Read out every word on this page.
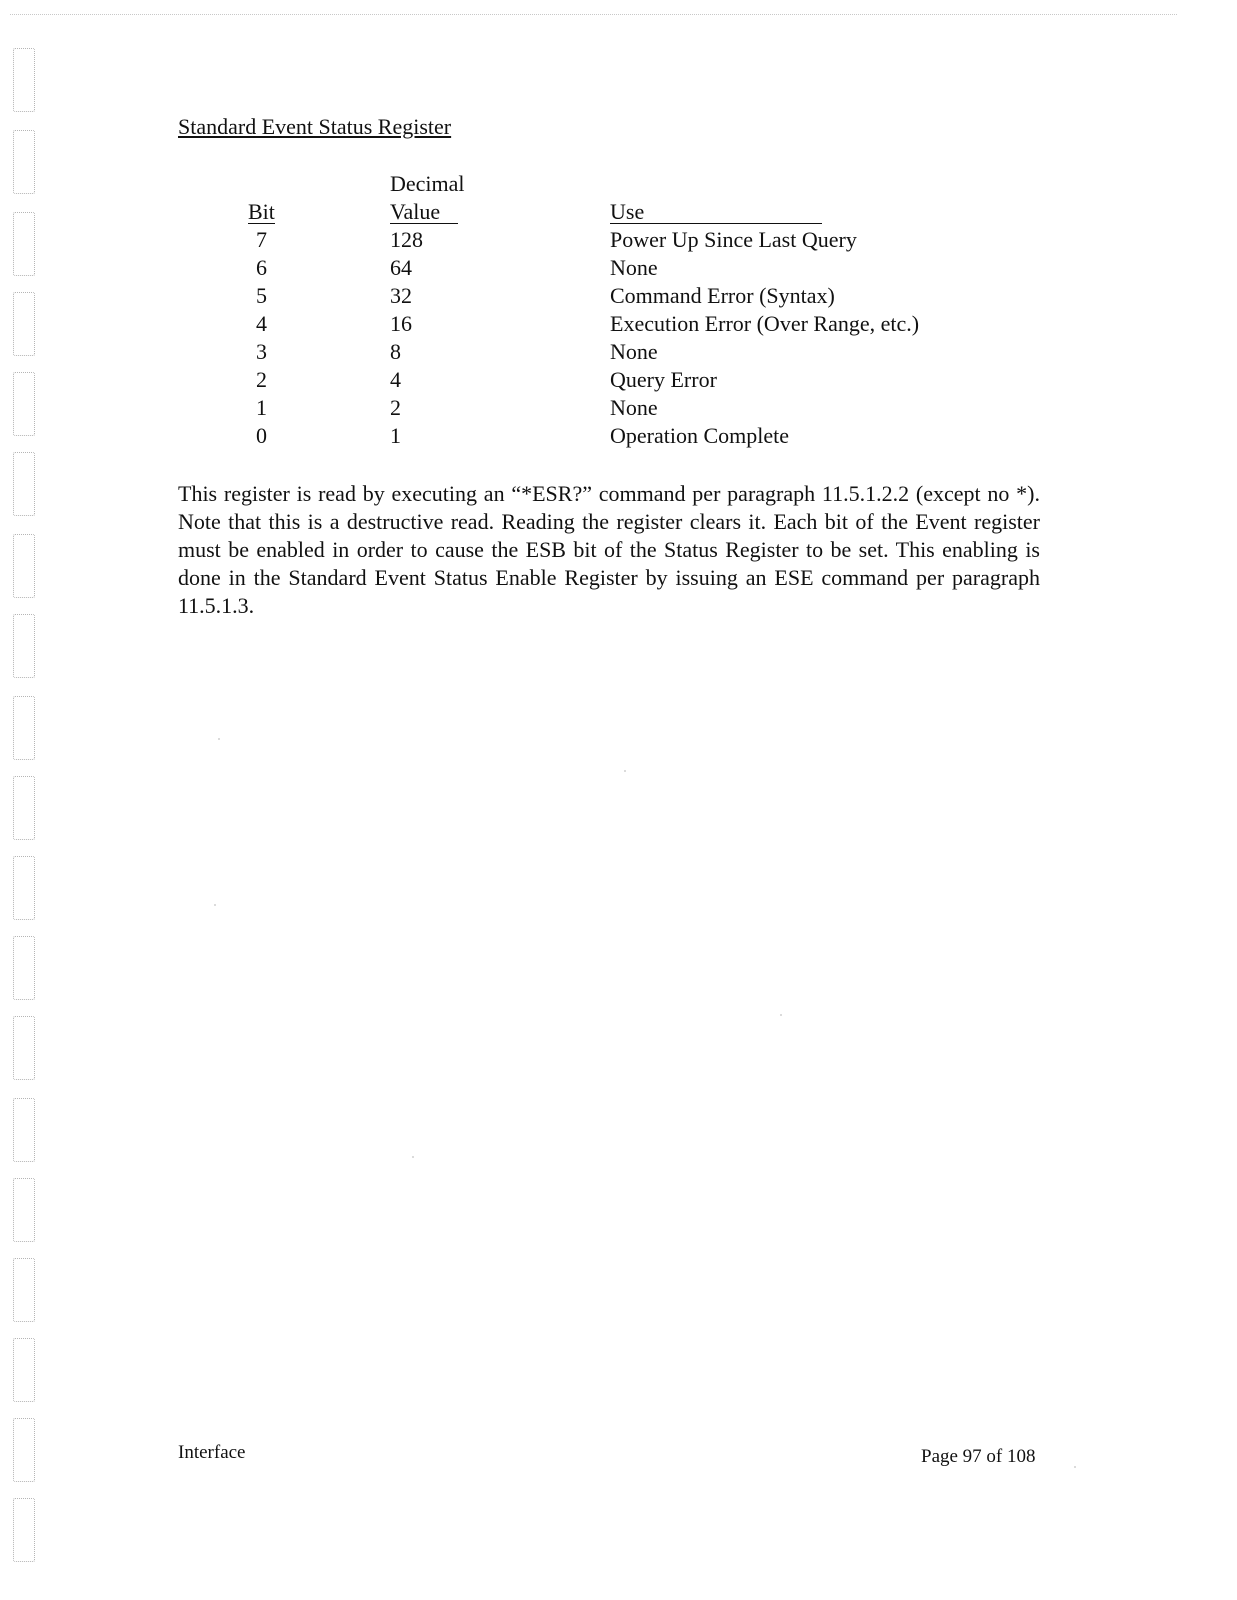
Standard Event Status Register
	Decimal	
Bit	Value	Use
7	128	Power Up Since Last Query
6	64	None
5	32	Command Error (Syntax)
4	16	Execution Error (Over Range, etc.)
3	8	None
2	4	Query Error
1	2	None
0	1	Operation Complete

This register is read by executing an “*ESR?” command per paragraph 11.5.1.2.2 (except no *). Note that this is a destructive read. Reading the register clears it. Each bit of the Event register must be enabled in order to cause the ESB bit of the Status Register to be set. This enabling is done in the Standard Event Status Enable Register by issuing an ESE command per paragraph 11.5.1.3.

Interface	Page 97 of 108
